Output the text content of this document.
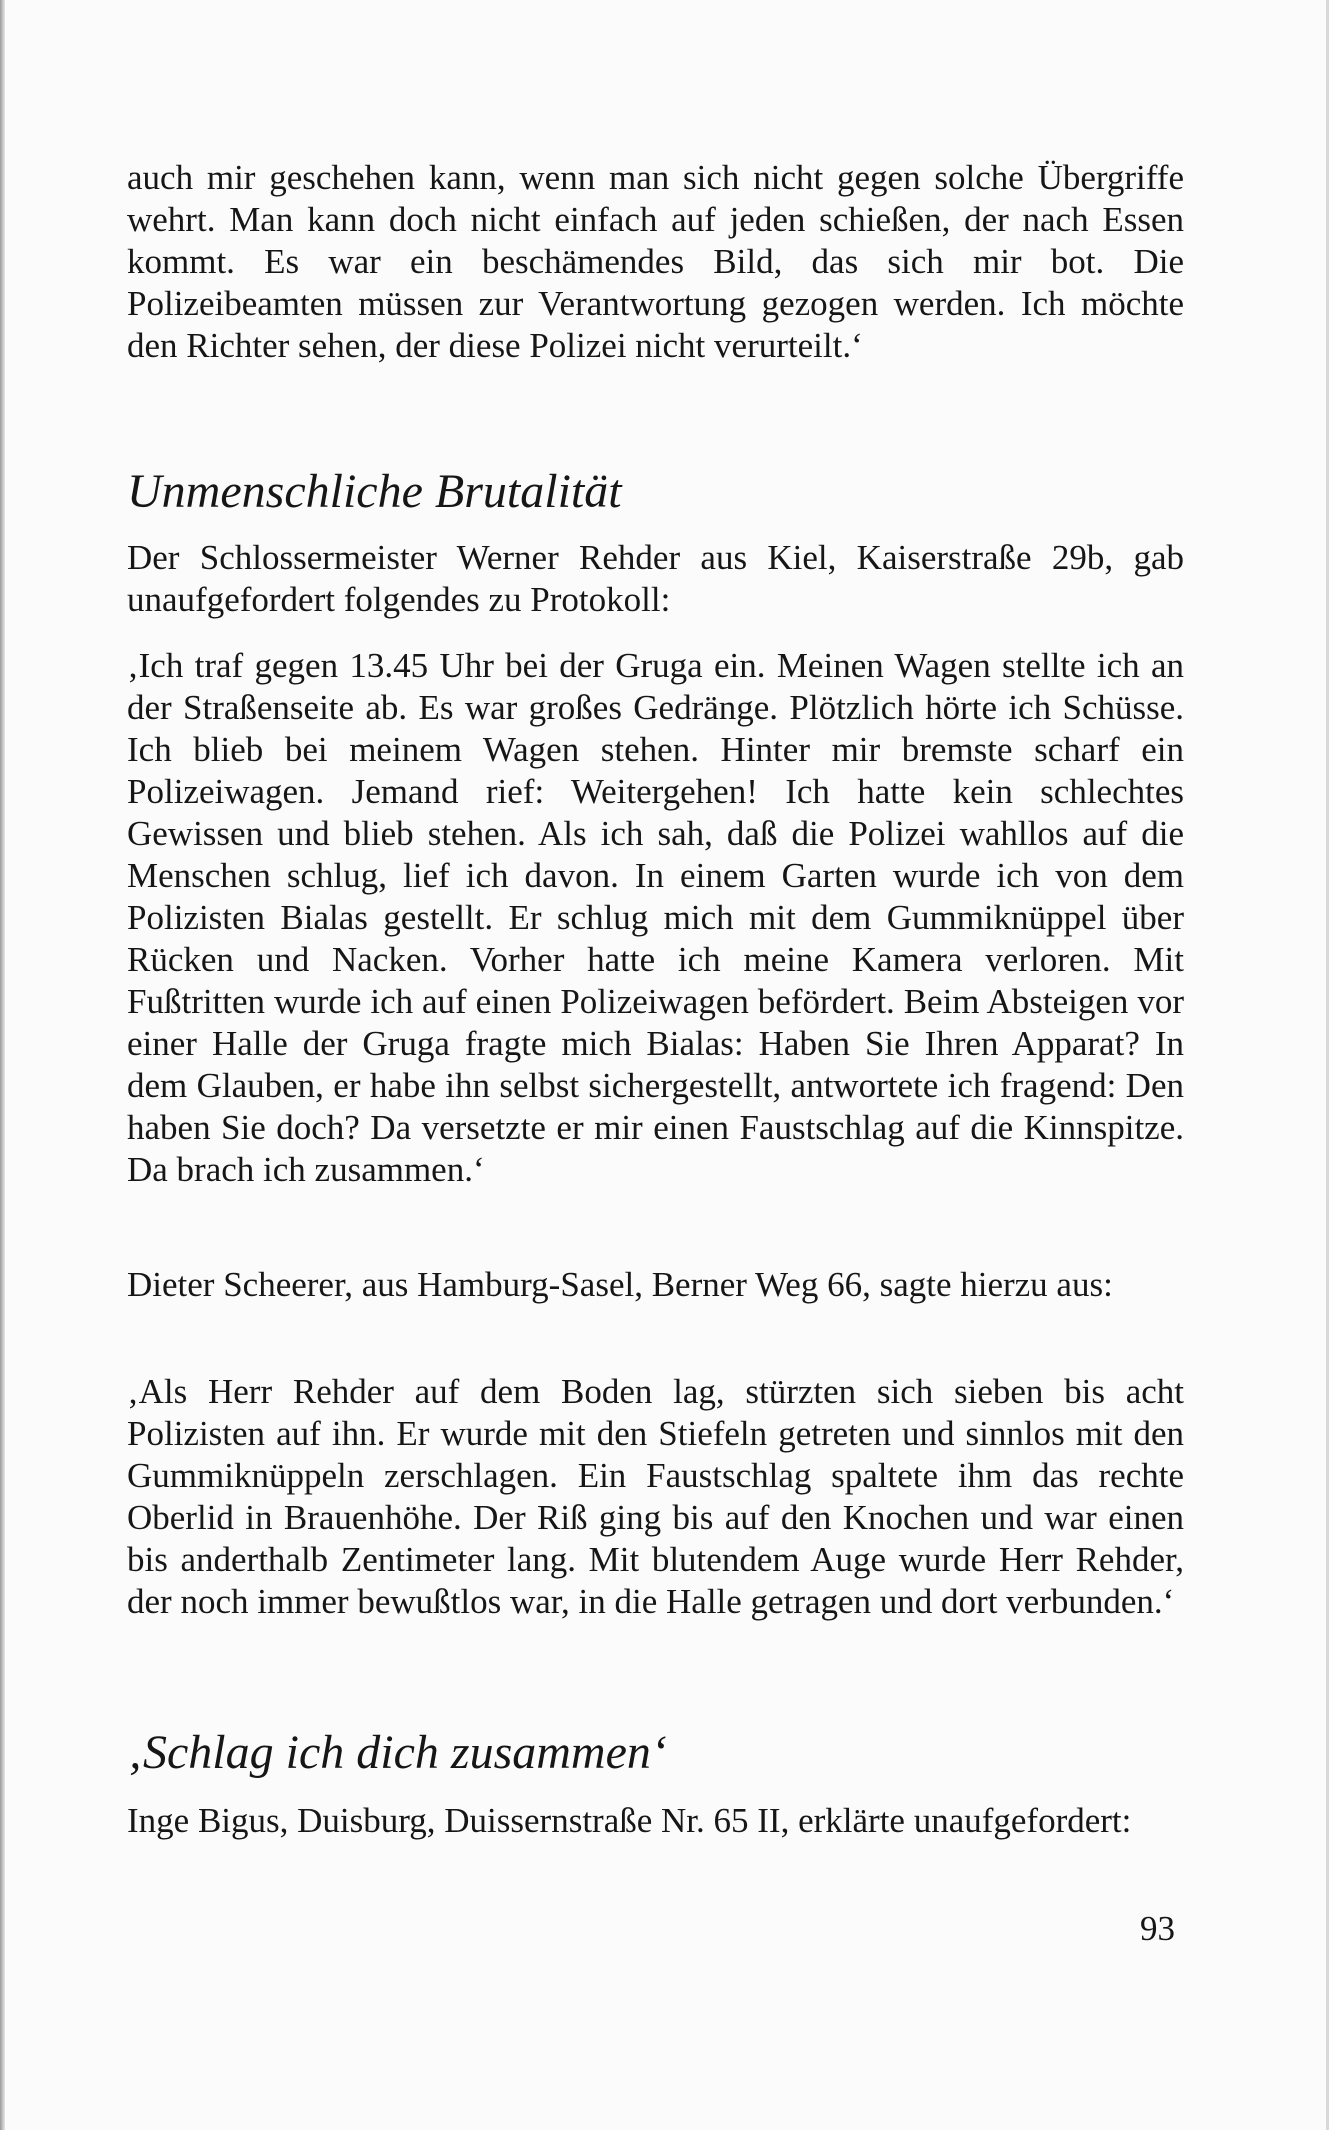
auch mir geschehen kann, wenn man sich nicht gegen solche Übergriffe wehrt. Man kann doch nicht einfach auf jeden schießen, der nach Essen kommt. Es war ein beschämendes Bild, das sich mir bot. Die Polizeibeamten müssen zur Verantwortung gezogen werden. Ich möchte den Richter sehen, der diese Polizei nicht verurteilt.‘

Unmenschliche Brutalität

Der Schlossermeister Werner Rehder aus Kiel, Kaiserstraße 29b, gab unaufgefordert folgendes zu Protokoll:

‚Ich traf gegen 13.45 Uhr bei der Gruga ein. Meinen Wagen stellte ich an der Straßenseite ab. Es war großes Gedränge. Plötzlich hörte ich Schüsse. Ich blieb bei meinem Wagen stehen. Hinter mir bremste scharf ein Polizeiwagen. Jemand rief: Weitergehen! Ich hatte kein schlechtes Gewissen und blieb stehen. Als ich sah, daß die Polizei wahllos auf die Menschen schlug, lief ich davon. In einem Garten wurde ich von dem Polizisten Bialas gestellt. Er schlug mich mit dem Gummiknüppel über Rücken und Nacken. Vorher hatte ich meine Kamera verloren. Mit Fußtritten wurde ich auf einen Polizeiwagen befördert. Beim Absteigen vor einer Halle der Gruga fragte mich Bialas: Haben Sie Ihren Apparat? In dem Glauben, er habe ihn selbst sichergestellt, antwortete ich fragend: Den haben Sie doch? Da versetzte er mir einen Faustschlag auf die Kinnspitze. Da brach ich zusammen.‘

Dieter Scheerer, aus Hamburg-Sasel, Berner Weg 66, sagte hierzu aus:

‚Als Herr Rehder auf dem Boden lag, stürzten sich sieben bis acht Polizisten auf ihn. Er wurde mit den Stiefeln getreten und sinnlos mit den Gummiknüppeln zerschlagen. Ein Faustschlag spaltete ihm das rechte Oberlid in Brauenhöhe. Der Riß ging bis auf den Knochen und war einen bis anderthalb Zentimeter lang. Mit blutendem Auge wurde Herr Rehder, der noch immer bewußtlos war, in die Halle getragen und dort verbunden.‘

‚Schlag ich dich zusammen‘

Inge Bigus, Duisburg, Duissernstraße Nr. 65 II, erklärte unaufgefordert:

93
